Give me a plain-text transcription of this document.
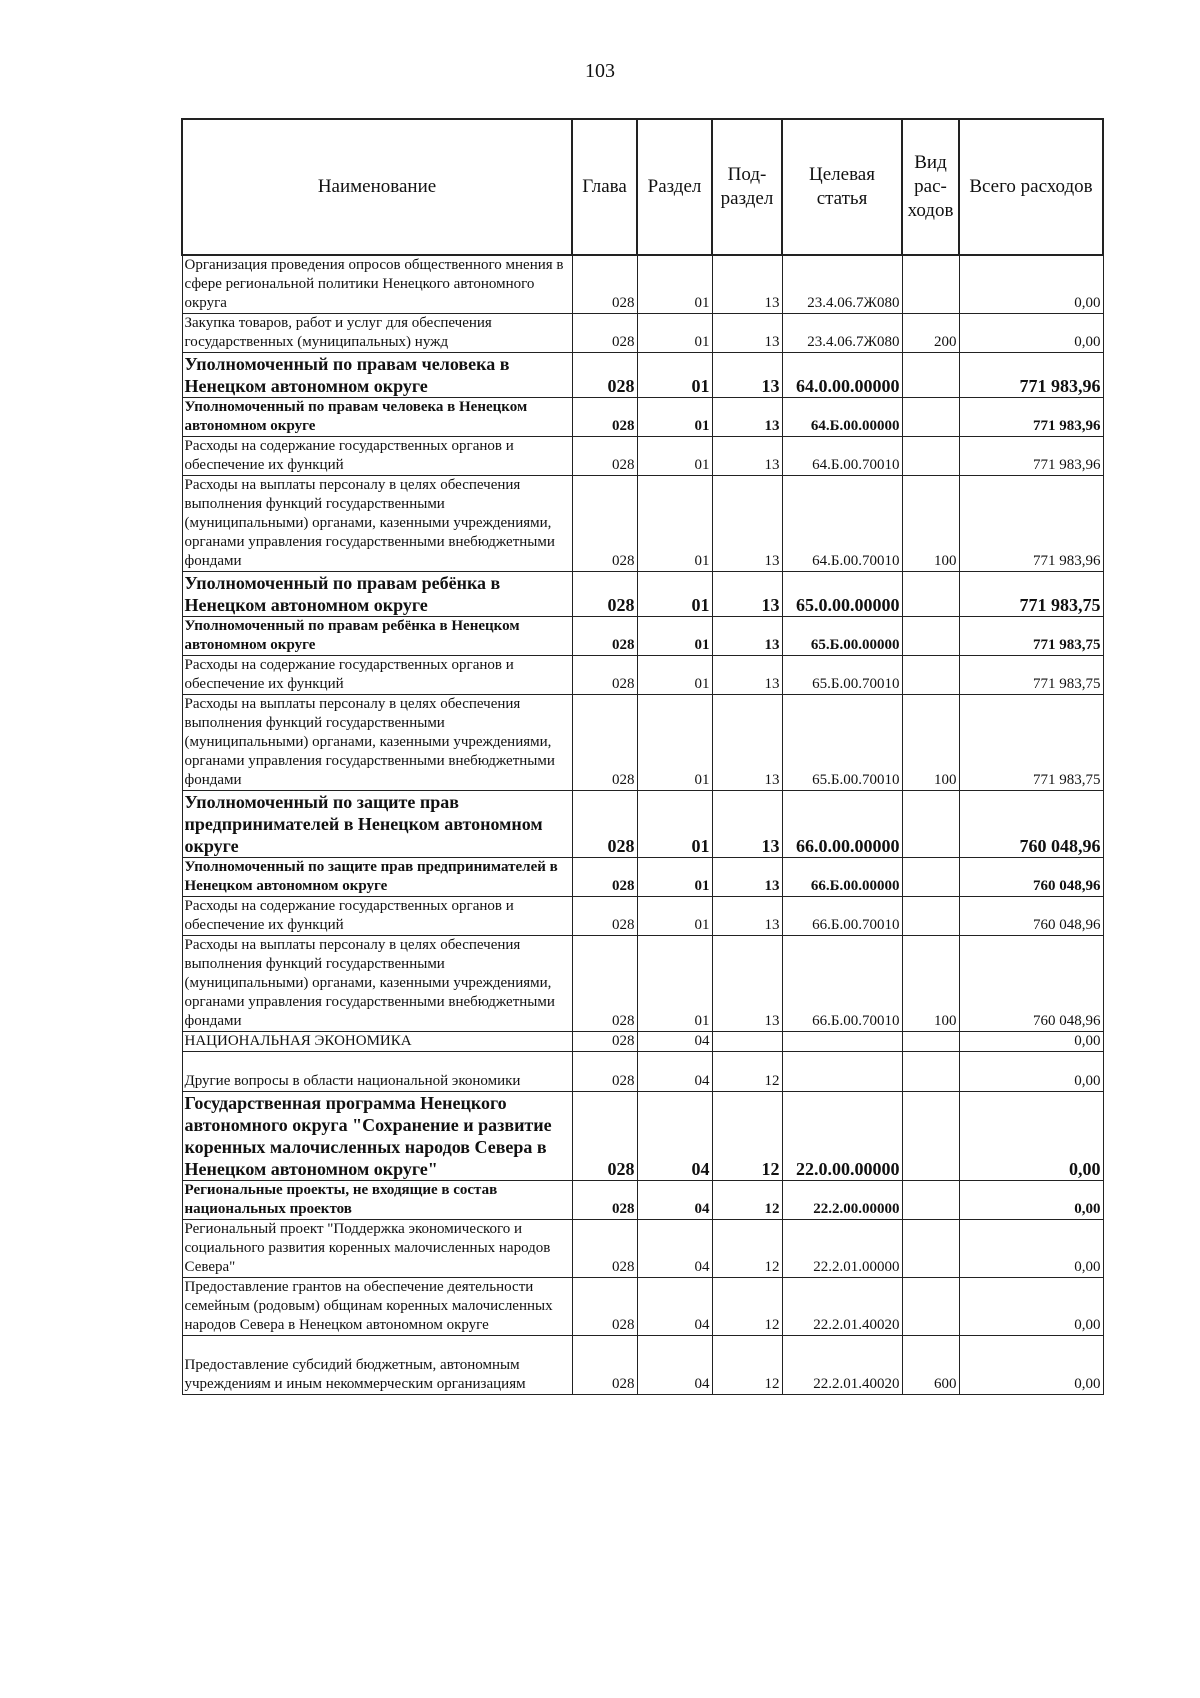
103
Наименование	Глава	Раздел	Под-раздел	Целевая статья	Вид рас-ходов	Всего расходов
Организация проведения опросов общественного мнения в сфере региональной политики Ненецкого автономного округа	028	01	13	23.4.06.7Ж080		0,00
Закупка товаров, работ и услуг для обеспечения государственных (муниципальных) нужд	028	01	13	23.4.06.7Ж080	200	0,00
Уполномоченный по правам человека в Ненецком автономном округе	028	01	13	64.0.00.00000		771 983,96
Уполномоченный по правам человека в Ненецком автономном округе	028	01	13	64.Б.00.00000		771 983,96
Расходы на содержание государственных органов и обеспечение их функций	028	01	13	64.Б.00.70010		771 983,96
Расходы на выплаты персоналу в целях обеспечения выполнения функций государственными (муниципальными) органами, казенными учреждениями, органами управления государственными внебюджетными фондами	028	01	13	64.Б.00.70010	100	771 983,96
Уполномоченный по правам ребёнка в Ненецком автономном округе	028	01	13	65.0.00.00000		771 983,75
Уполномоченный по правам ребёнка в Ненецком автономном округе	028	01	13	65.Б.00.00000		771 983,75
Расходы на содержание государственных органов и обеспечение их функций	028	01	13	65.Б.00.70010		771 983,75
Расходы на выплаты персоналу в целях обеспечения выполнения функций государственными (муниципальными) органами, казенными учреждениями, органами управления государственными внебюджетными фондами	028	01	13	65.Б.00.70010	100	771 983,75
Уполномоченный по защите прав предпринимателей в Ненецком автономном округе	028	01	13	66.0.00.00000		760 048,96
Уполномоченный по защите прав предпринимателей в Ненецком автономном округе	028	01	13	66.Б.00.00000		760 048,96
Расходы на содержание государственных органов и обеспечение их функций	028	01	13	66.Б.00.70010		760 048,96
Расходы на выплаты персоналу в целях обеспечения выполнения функций государственными (муниципальными) органами, казенными учреждениями, органами управления государственными внебюджетными фондами	028	01	13	66.Б.00.70010	100	760 048,96
НАЦИОНАЛЬНАЯ ЭКОНОМИКА	028	04				0,00
Другие вопросы в области национальной экономики	028	04	12			0,00
Государственная программа Ненецкого автономного округа "Сохранение и развитие коренных малочисленных народов Севера в Ненецком автономном округе"	028	04	12	22.0.00.00000		0,00
Региональные проекты, не входящие в состав национальных проектов	028	04	12	22.2.00.00000		0,00
Региональный проект "Поддержка экономического и социального развития коренных малочисленных народов Севера"	028	04	12	22.2.01.00000		0,00
Предоставление грантов на обеспечение деятельности семейным (родовым) общинам коренных малочисленных народов Севера в Ненецком автономном округе	028	04	12	22.2.01.40020		0,00
Предоставление субсидий бюджетным, автономным учреждениям и иным некоммерческим организациям	028	04	12	22.2.01.40020	600	0,00
